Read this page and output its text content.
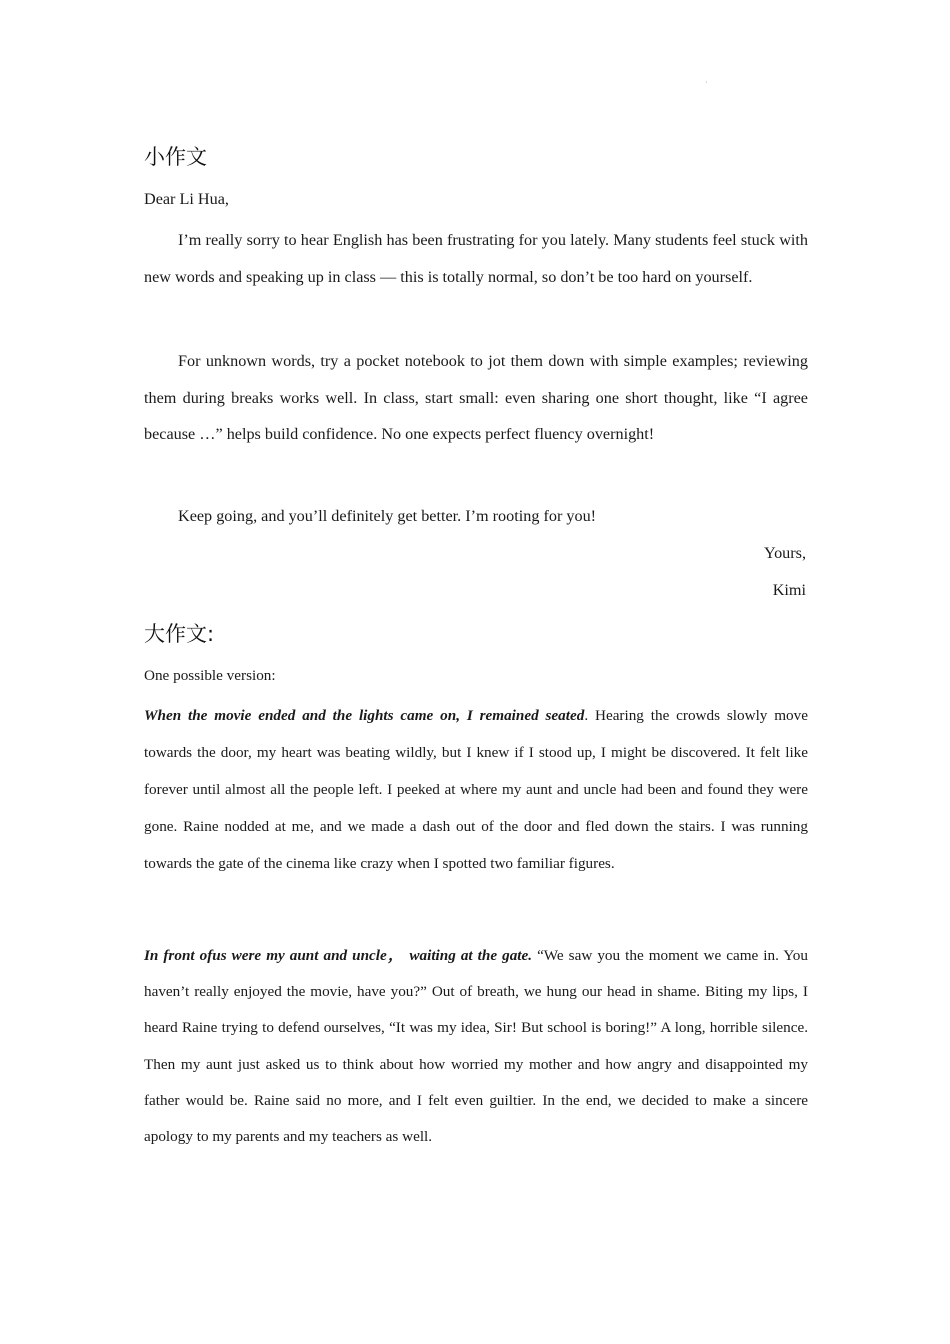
·
小作文
Dear Li Hua,
I’m really sorry to hear English has been frustrating for you lately. Many students feel stuck with new words and speaking up in class — this is totally normal, so don’t be too hard on yourself.
For unknown words, try a pocket notebook to jot them down with simple examples; reviewing them during breaks works well. In class, start small: even sharing one short thought, like “I agree because …” helps build confidence. No one expects perfect fluency overnight!
Keep going, and you’ll definitely get better. I’m rooting for you!
Yours,
Kimi
大作文:
One possible version:
When the movie ended and the lights came on, I remained seated. Hearing the crowds slowly move towards the door, my heart was beating wildly, but I knew if I stood up, I might be discovered. It felt like forever until almost all the people left. I peeked at where my aunt and uncle had been and found they were gone. Raine nodded at me, and we made a dash out of the door and fled down the stairs. I was running towards the gate of the cinema like crazy when I spotted two familiar figures.
In front ofus were my aunt and uncle， waiting at the gate. “We saw you the moment we came in. You haven’t really enjoyed the movie, have you?” Out of breath, we hung our head in shame. Biting my lips, I heard Raine trying to defend ourselves, “It was my idea, Sir! But school is boring!” A long, horrible silence. Then my aunt just asked us to think about how worried my mother and how angry and disappointed my father would be. Raine said no more, and I felt even guiltier. In the end, we decided to make a sincere apology to my parents and my teachers as well.
